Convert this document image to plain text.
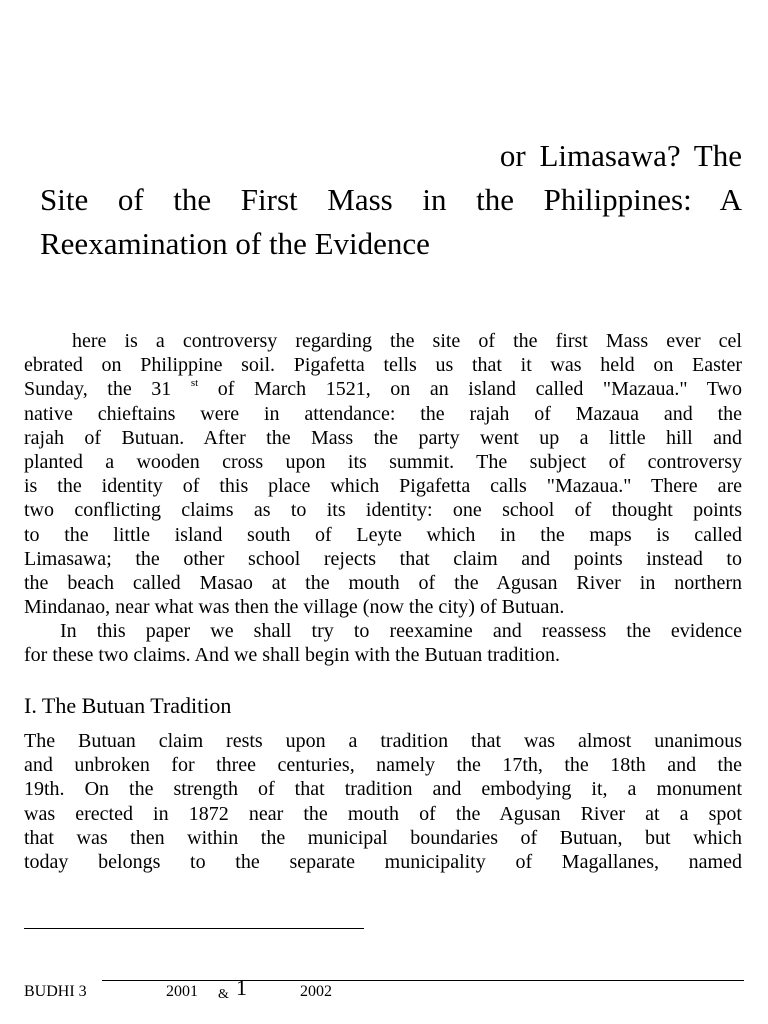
or Limasawa? The
Site of the First Mass in the Philippines: A
Reexamination of the Evidence
here is a controversy regarding the site of the first Mass ever cel
ebrated on Philippine soil. Pigafetta tells us that it was held on Easter
Sunday, the 31 $^{st}$ of March 1521, on an island called "Mazaua." Two
native chieftains were in attendance: the rajah of Mazaua and the
rajah of Butuan. After the Mass the party went up a little hill and
planted a wooden cross upon its summit. The subject of controversy
is the identity of this place which Pigafetta calls "Mazaua." There are
two conflicting claims as to its identity: one school of thought points
to the little island south of Leyte which in the maps is called
Limasawa; the other school rejects that claim and points instead to
the beach called Masao at the mouth of the Agusan River in northern
Mindanao, near what was then the village (now the city) of Butuan.
In this paper we shall try to reexamine and reassess the evidence
for these two claims. And we shall begin with the Butuan tradition.
I. The Butuan Tradition
The Butuan claim rests upon a tradition that was almost unanimous
and unbroken for three centuries, namely the 17th, the 18th and the
19th. On the strength of that tradition and embodying it, a monument
was erected in 1872 near the mouth of the Agusan River at a spot
that was then within the municipal boundaries of Butuan, but which
today belongs to the separate municipality of Magallanes, named
BUDHI 3	2001 & 1	2002
